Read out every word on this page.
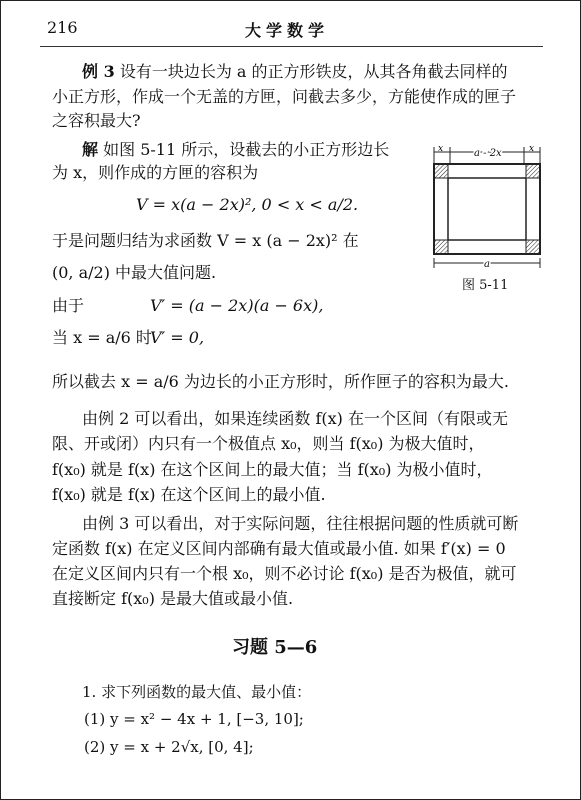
216	大学数学
例 3 设有一块边长为 a 的正方形铁皮，从其各角截去同样的
小正方形，作成一个无盖的方匣，问截去多少，方能使作成的匣子
之容积最大?
解 如图 5-11 所示，设截去的小正方形边长
为 x，则作成的方匣的容积为
V = x(a − 2x)², 0 < x < a/2.
于是问题归结为求函数 V = x (a − 2x)² 在
(0, a/2) 中最大值问题.
由于	V′ = (a − 2x)(a − 6x),
当 x = a/6 时
V′ = 0,
所以截去 x = a/6 为边长的小正方形时，所作匣子的容积为最大.
x	a - 2x	x
a
图 5-11
由例 2 可以看出，如果连续函数 f(x) 在一个区间（有限或无
限、开或闭）内只有一个极值点 x₀，则当 f(x₀) 为极大值时，
f(x₀) 就是 f(x) 在这个区间上的最大值；当 f(x₀) 为极小值时，
f(x₀) 就是 f(x) 在这个区间上的最小值.
由例 3 可以看出，对于实际问题，往往根据问题的性质就可断
定函数 f(x) 在定义区间内部确有最大值或最小值. 如果 f′(x) = 0
在定义区间内只有一个根 x₀，则不必讨论 f(x₀) 是否为极值，就可
直接断定 f(x₀) 是最大值或最小值.
习题 5—6
1. 求下列函数的最大值、最小值：
(1) y = x² − 4x + 1, [−3, 10];
(2) y = x + 2√x, [0, 4];
